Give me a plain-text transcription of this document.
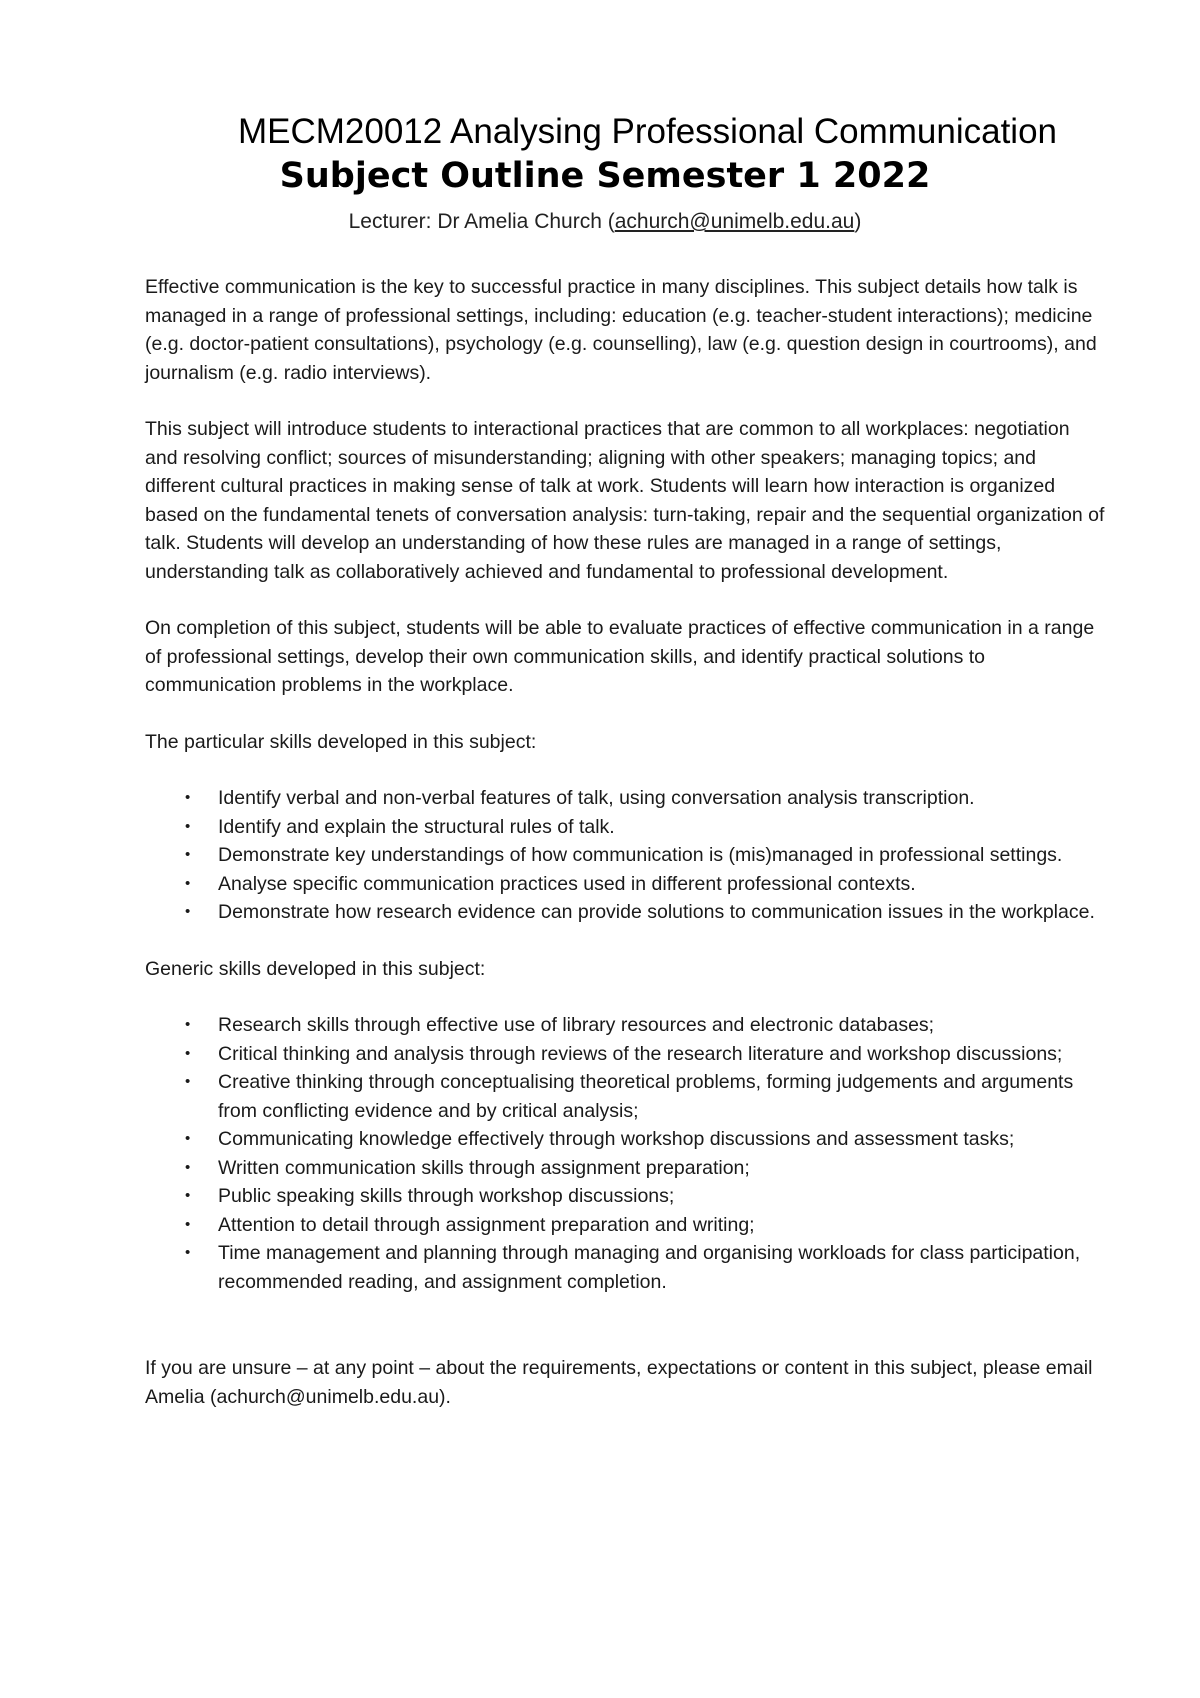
MECM20012 Analysing Professional Communication
Subject Outline Semester 1 2022
Lecturer: Dr Amelia Church (achurch@unimelb.edu.au)

Effective communication is the key to successful practice in many disciplines. This subject details how talk is managed in a range of professional settings, including: education (e.g. teacher-student interactions); medicine (e.g. doctor-patient consultations), psychology (e.g. counselling), law (e.g. question design in courtrooms), and journalism (e.g. radio interviews).

This subject will introduce students to interactional practices that are common to all workplaces: negotiation and resolving conflict; sources of misunderstanding; aligning with other speakers; managing topics; and different cultural practices in making sense of talk at work. Students will learn how interaction is organized based on the fundamental tenets of conversation analysis: turn-taking, repair and the sequential organization of talk. Students will develop an understanding of how these rules are managed in a range of settings, understanding talk as collaboratively achieved and fundamental to professional development.

On completion of this subject, students will be able to evaluate practices of effective communication in a range of professional settings, develop their own communication skills, and identify practical solutions to communication problems in the workplace.

The particular skills developed in this subject:

• Identify verbal and non-verbal features of talk, using conversation analysis transcription.
• Identify and explain the structural rules of talk.
• Demonstrate key understandings of how communication is (mis)managed in professional settings.
• Analyse specific communication practices used in different professional contexts.
• Demonstrate how research evidence can provide solutions to communication issues in the workplace.

Generic skills developed in this subject:

• Research skills through effective use of library resources and electronic databases;
• Critical thinking and analysis through reviews of the research literature and workshop discussions;
• Creative thinking through conceptualising theoretical problems, forming judgements and arguments from conflicting evidence and by critical analysis;
• Communicating knowledge effectively through workshop discussions and assessment tasks;
• Written communication skills through assignment preparation;
• Public speaking skills through workshop discussions;
• Attention to detail through assignment preparation and writing;
• Time management and planning through managing and organising workloads for class participation, recommended reading, and assignment completion.

If you are unsure – at any point – about the requirements, expectations or content in this subject, please email Amelia (achurch@unimelb.edu.au).
